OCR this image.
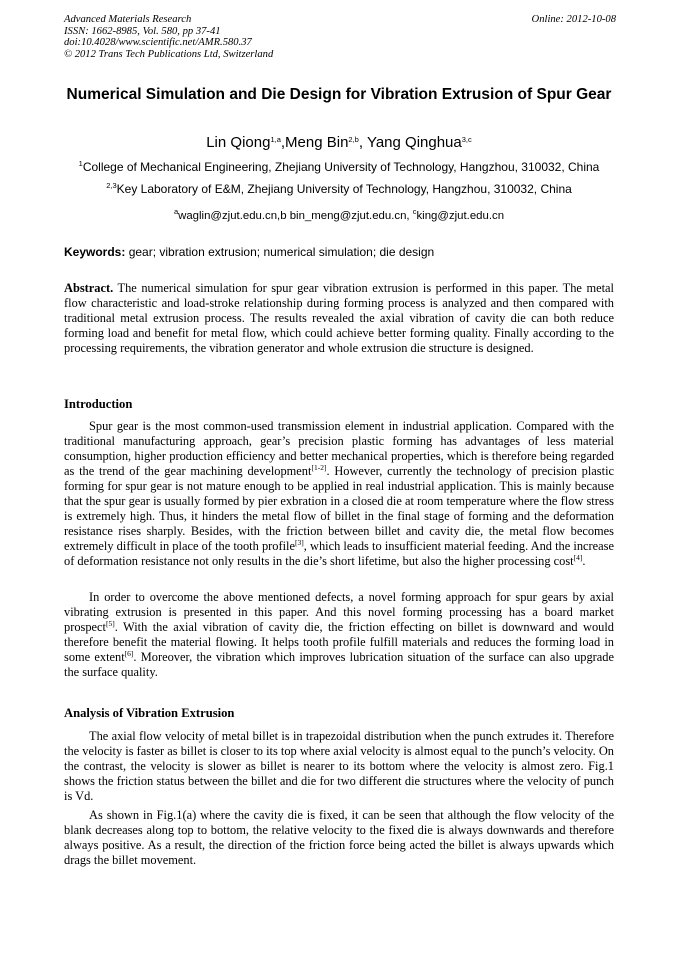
Advanced Materials Research
ISSN: 1662-8985, Vol. 580, pp 37-41
doi:10.4028/www.scientific.net/AMR.580.37
© 2012 Trans Tech Publications Ltd, Switzerland
Online: 2012-10-08
Numerical Simulation and Die Design for Vibration Extrusion of Spur Gear
Lin Qiong$^{1,a}$,Meng Bin$^{2,b}$, Yang Qinghua$^{3,c}$
$^1$College of Mechanical Engineering, Zhejiang University of Technology, Hangzhou, 310032, China
$^{2,3}$Key Laboratory of E&M, Zhejiang University of Technology, Hangzhou, 310032, China
$^a$waglin@zjut.edu.cn,b bin_meng@zjut.edu.cn, $^c$king@zjut.edu.cn
Keywords: gear; vibration extrusion; numerical simulation; die design

Abstract. The numerical simulation for spur gear vibration extrusion is performed in this paper. The metal flow characteristic and load-stroke relationship during forming process is analyzed and then compared with traditional metal extrusion process. The results revealed the axial vibration of cavity die can both reduce forming load and benefit for metal flow, which could achieve better forming quality. Finally according to the processing requirements, the vibration generator and whole extrusion die structure is designed.

Introduction

Spur gear is the most common-used transmission element in industrial application. Compared with the traditional manufacturing approach, gear’s precision plastic forming has advantages of less material consumption, higher production efficiency and better mechanical properties, which is therefore being regarded as the trend of the gear machining development[1-2]. However, currently the technology of precision plastic forming for spur gear is not mature enough to be applied in real industrial application. This is mainly because that the spur gear is usually formed by pier exbration in a closed die at room temperature where the flow stress is extremely high. Thus, it hinders the metal flow of billet in the final stage of forming and the deformation resistance rises sharply. Besides, with the friction between billet and cavity die, the metal flow becomes extremely difficult in place of the tooth profile[3], which leads to insufficient material feeding. And the increase of deformation resistance not only results in the die’s short lifetime, but also the higher processing cost[4].

In order to overcome the above mentioned defects, a novel forming approach for spur gears by axial vibrating extrusion is presented in this paper. And this novel forming processing has a board market prospect[5]. With the axial vibration of cavity die, the friction effecting on billet is downward and would therefore benefit the material flowing. It helps tooth profile fulfill materials and reduces the forming load in some extent[6]. Moreover, the vibration which improves lubrication situation of the surface can also upgrade the surface quality.

Analysis of Vibration Extrusion

The axial flow velocity of metal billet is in trapezoidal distribution when the punch extrudes it. Therefore the velocity is faster as billet is closer to its top where axial velocity is almost equal to the punch’s velocity. On the contrast, the velocity is slower as billet is nearer to its bottom where the velocity is almost zero. Fig.1 shows the friction status between the billet and die for two different die structures where the velocity of punch is Vd.

As shown in Fig.1(a) where the cavity die is fixed, it can be seen that although the flow velocity of the blank decreases along top to bottom, the relative velocity to the fixed die is always downwards and therefore always positive. As a result, the direction of the friction force being acted the billet is always upwards which drags the billet movement.
